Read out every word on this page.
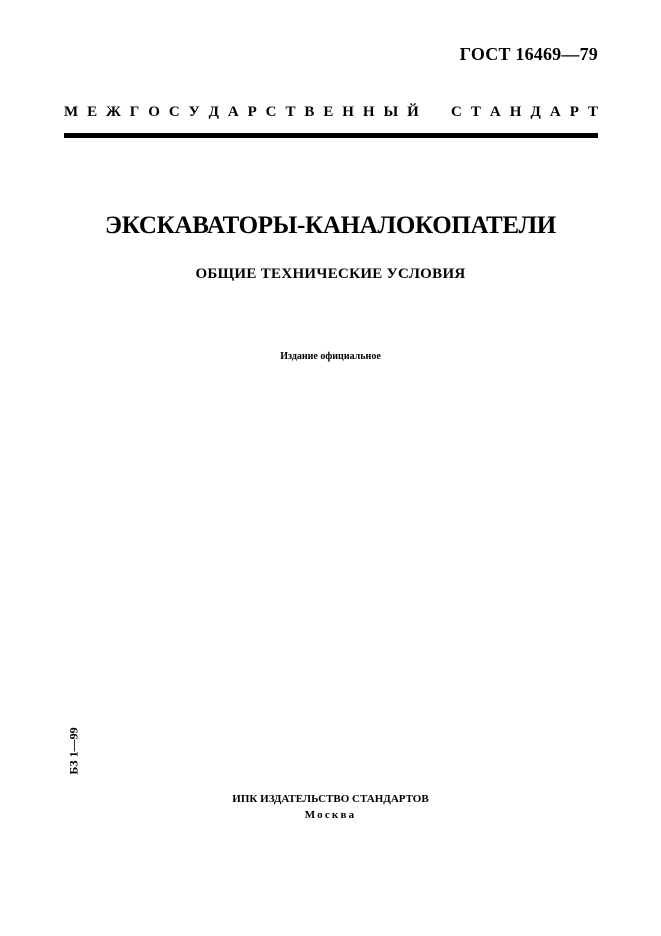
ГОСТ 16469—79
М Е Ж Г О С У Д А Р С Т В Е Н Н Ы Й С Т А Н Д А Р Т
ЭКСКАВАТОРЫ-КАНАЛОКОПАТЕЛИ
ОБЩИЕ ТЕХНИЧЕСКИЕ УСЛОВИЯ
Издание официальное
БЗ 1—99
ИПК ИЗДАТЕЛЬСТВО СТАНДАРТОВ
Москва
